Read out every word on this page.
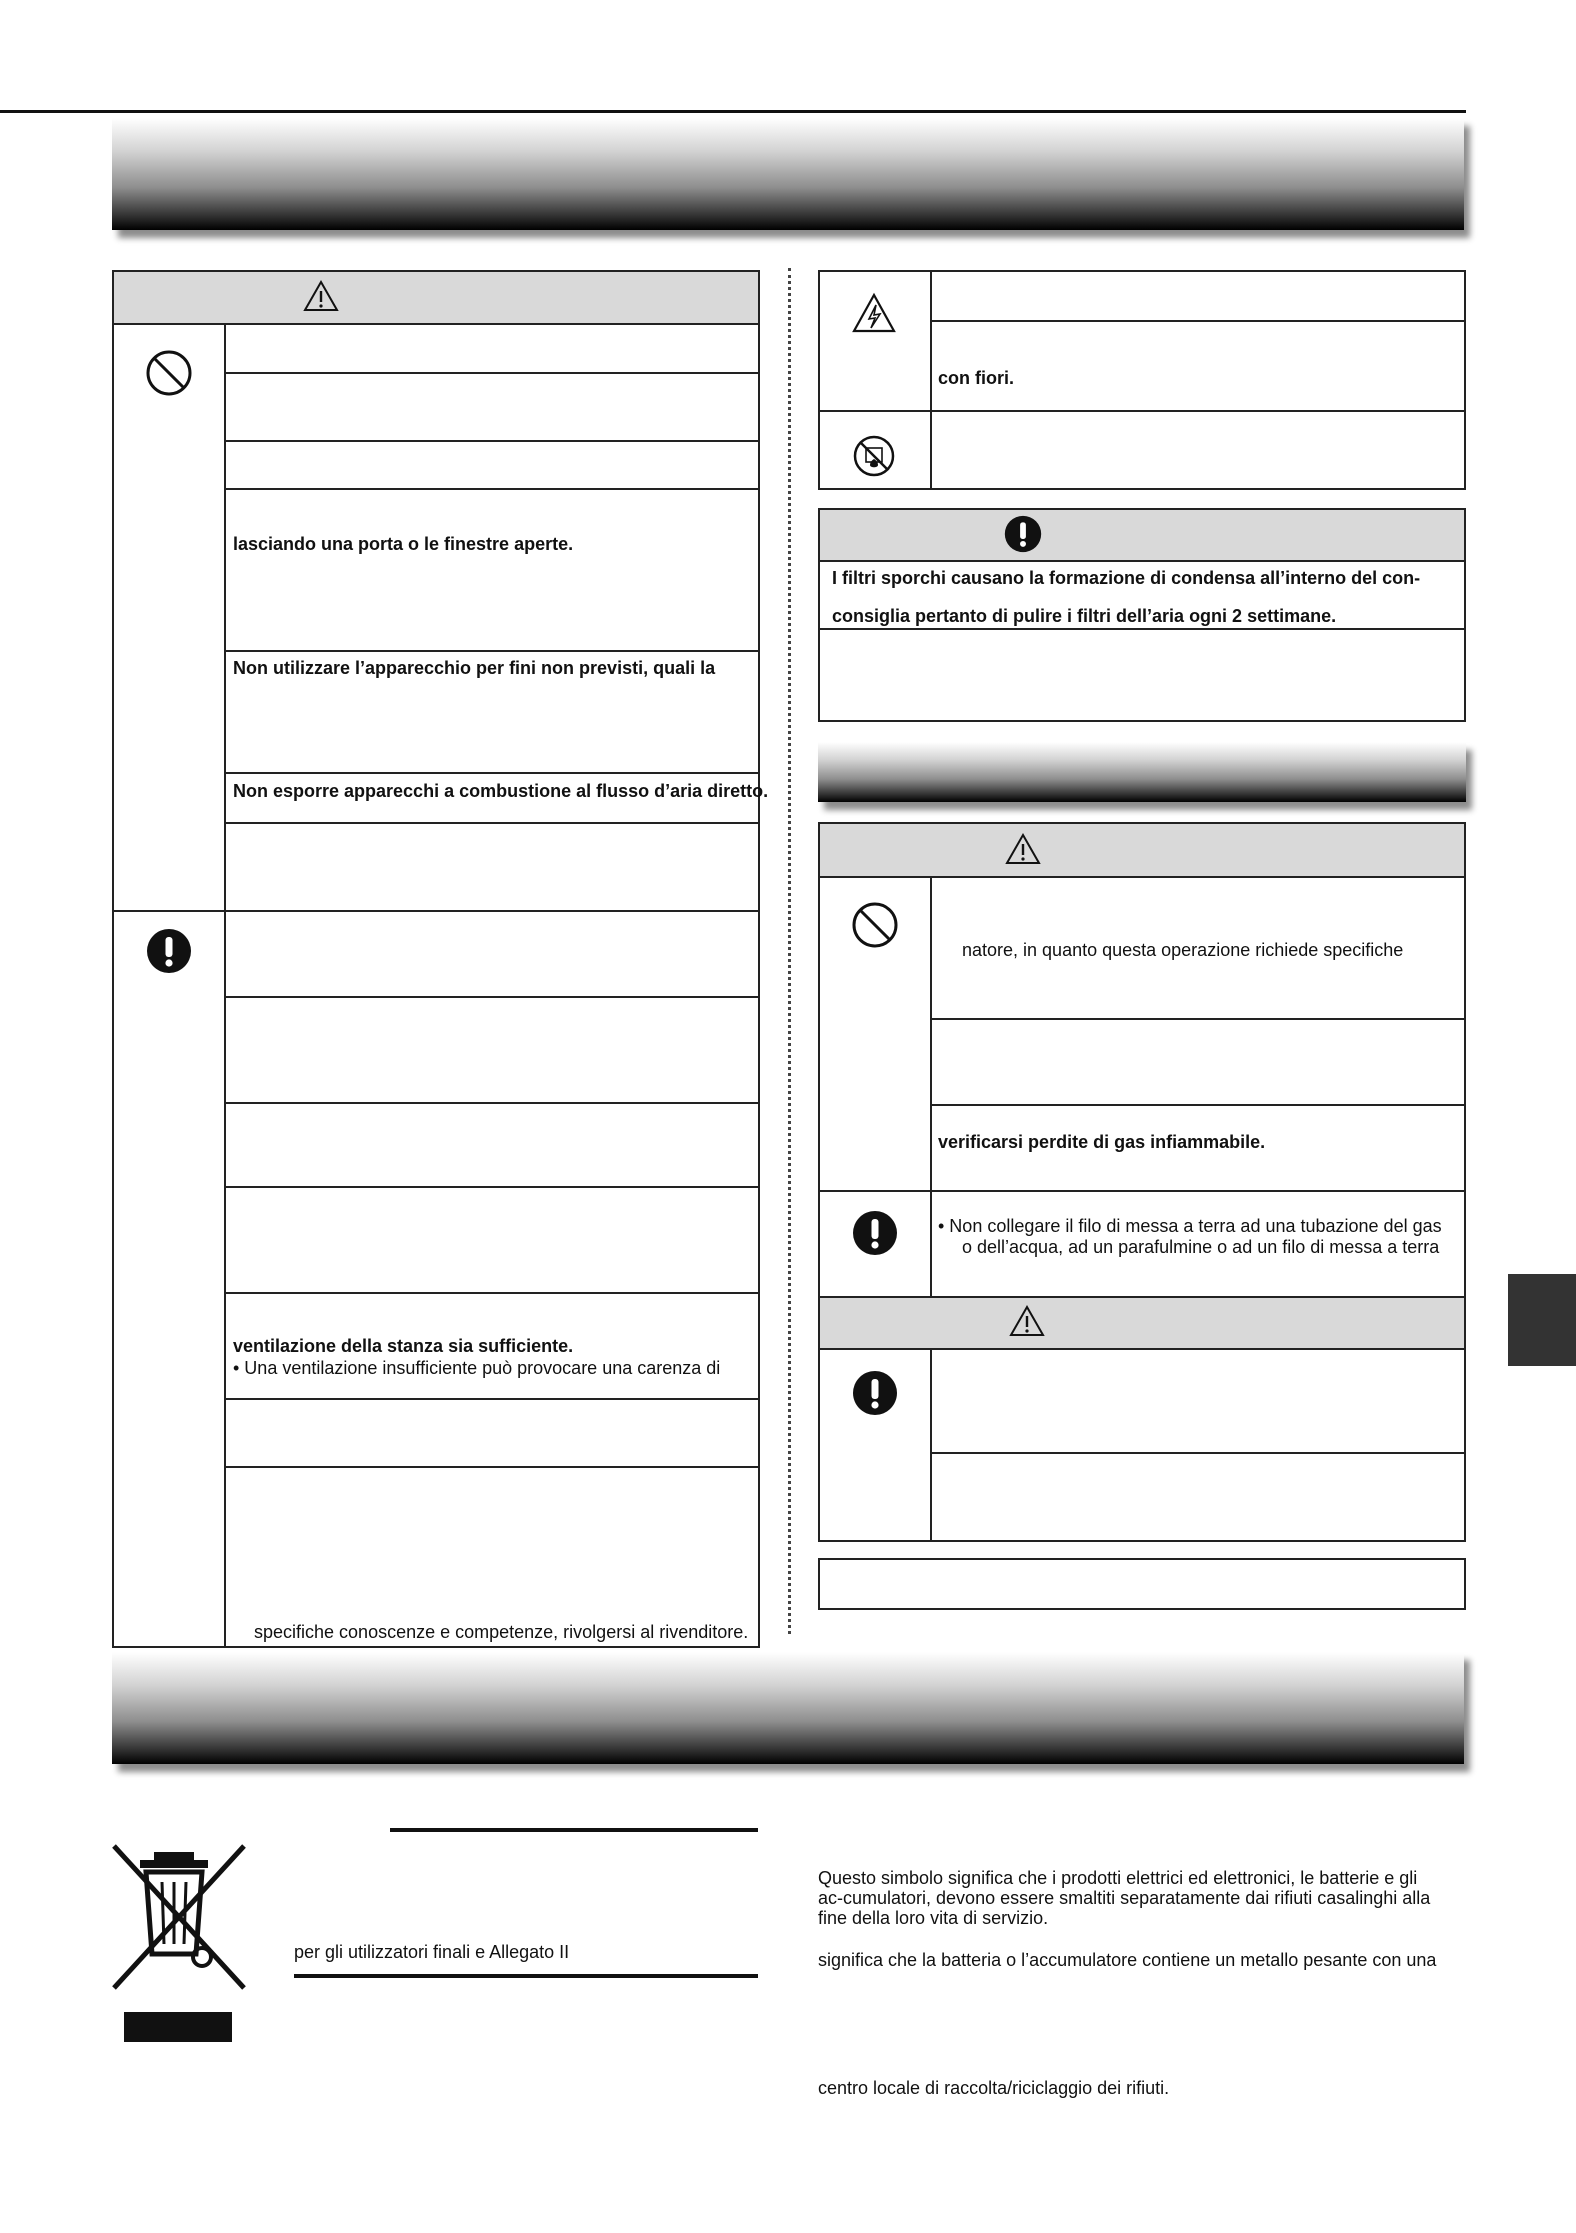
lasciando una porta o le finestre aperte.
Non utilizzare l’apparecchio per fini non previsti, quali la
Non esporre apparecchi a combustione al flusso d’aria diretto.
ventilazione della stanza sia sufficiente.
• Una ventilazione insufficiente può provocare una carenza di
specifiche conoscenze e competenze, rivolgersi al rivenditore.
con fiori.
I filtri sporchi causano la formazione di condensa all’interno del con-
consiglia pertanto di pulire i filtri dell’aria ogni 2 settimane.
natore, in quanto questa operazione richiede specifiche
verificarsi perdite di gas infiammabile.
• Non collegare il filo di messa a terra ad una tubazione del gas
o dell’acqua, ad un parafulmine o ad un filo di messa a terra
per gli utilizzatori finali e Allegato II
Questo simbolo significa che i prodotti elettrici ed elettronici, le batterie e gli
ac-cumulatori, devono essere smaltiti separatamente dai rifiuti casalinghi alla
fine della loro vita di servizio.
significa che la batteria o l’accumulatore contiene un metallo pesante con una
centro locale di raccolta/riciclaggio dei rifiuti.
